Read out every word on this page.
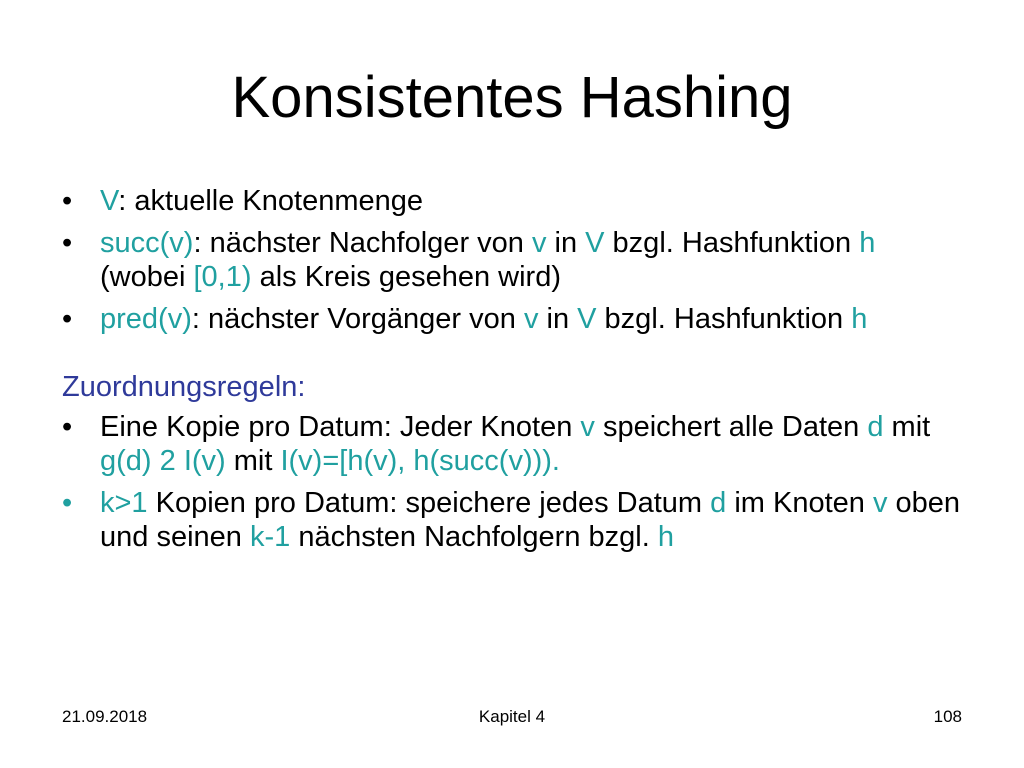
Konsistentes Hashing
• V: aktuelle Knotenmenge
• succ(v): nächster Nachfolger von v in V bzgl. Hashfunktion h (wobei [0,1) als Kreis gesehen wird)
• pred(v): nächster Vorgänger von v in V bzgl. Hashfunktion h
Zuordnungsregeln:
• Eine Kopie pro Datum: Jeder Knoten v speichert alle Daten d mit g(d) 2 I(v) mit I(v)=[h(v), h(succ(v))).
• k>1 Kopien pro Datum: speichere jedes Datum d im Knoten v oben und seinen k-1 nächsten Nachfolgern bzgl. h
Kapitel 4
21.09.2018	108
